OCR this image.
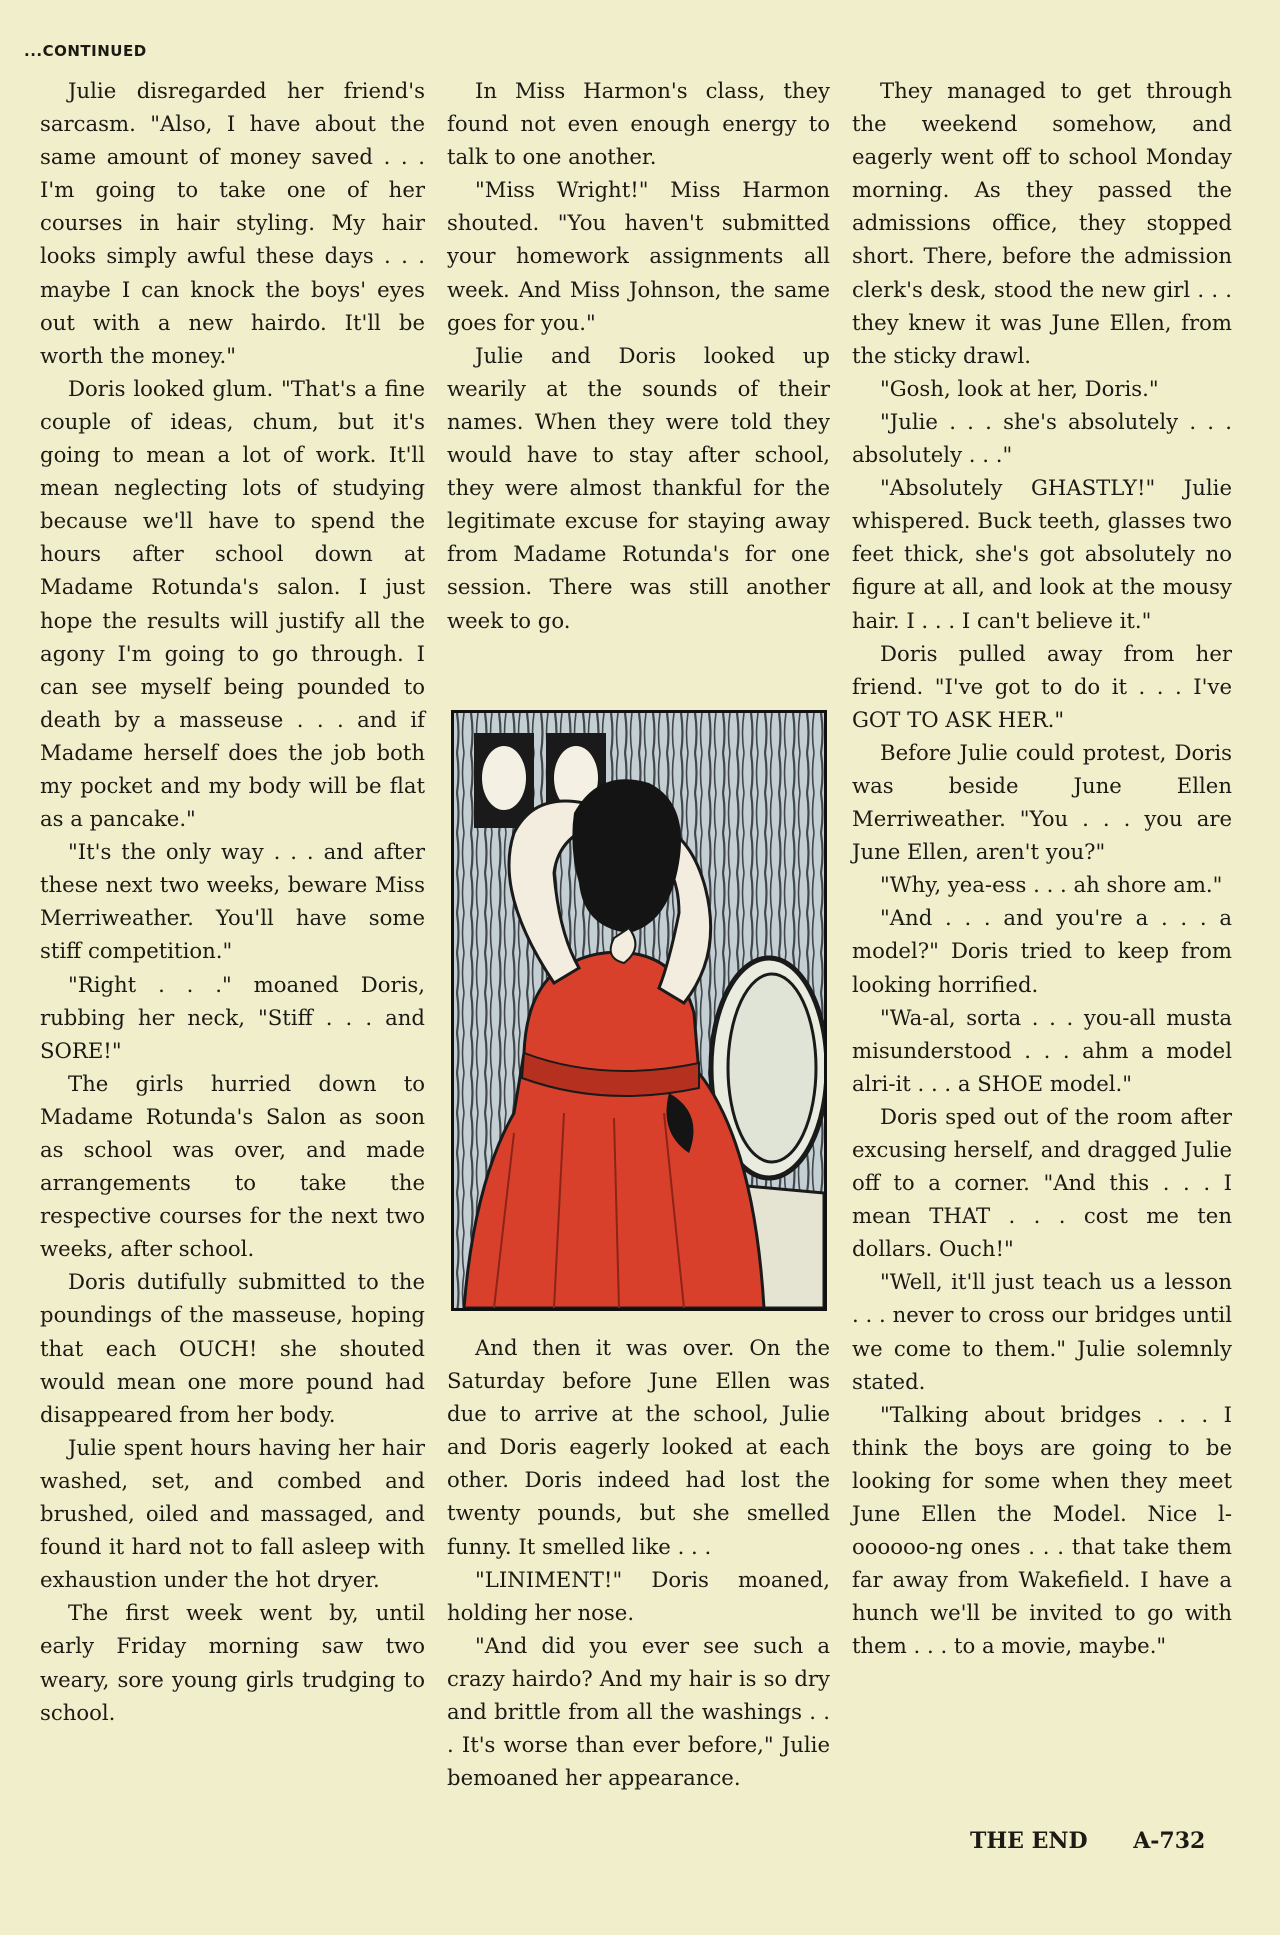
...CONTINUED

Julie disregarded her friend's sarcasm. "Also, I have about the same amount of money saved . . . I'm going to take one of her courses in hair styling. My hair looks simply awful these days . . . maybe I can knock the boys' eyes out with a new hairdo. It'll be worth the money."

Doris looked glum. "That's a fine couple of ideas, chum, but it's going to mean a lot of work. It'll mean neglecting lots of studying because we'll have to spend the hours after school down at Madame Rotunda's salon. I just hope the results will justify all the agony I'm going to go through. I can see myself being pounded to death by a masseuse . . . and if Madame herself does the job both my pocket and my body will be flat as a pancake."

"It's the only way . . . and after these next two weeks, beware Miss Merriweather. You'll have some stiff competition."

"Right . . ." moaned Doris, rubbing her neck, "Stiff . . . and SORE!"

The girls hurried down to Madame Rotunda's Salon as soon as school was over, and made arrangements to take the respective courses for the next two weeks, after school.

Doris dutifully submitted to the poundings of the masseuse, hoping that each OUCH! she shouted would mean one more pound had disappeared from her body.

Julie spent hours having her hair washed, set, and combed and brushed, oiled and massaged, and found it hard not to fall asleep with exhaustion under the hot dryer.

The first week went by, until early Friday morning saw two weary, sore young girls trudging to school.

In Miss Harmon's class, they found not even enough energy to talk to one another.

"Miss Wright!" Miss Harmon shouted. "You haven't submitted your homework assignments all week. And Miss Johnson, the same goes for you."

Julie and Doris looked up wearily at the sounds of their names. When they were told they would have to stay after school, they were almost thankful for the legitimate excuse for staying away from Madame Rotunda's for one session. There was still another week to go.

And then it was over. On the Saturday before June Ellen was due to arrive at the school, Julie and Doris eagerly looked at each other. Doris indeed had lost the twenty pounds, but she smelled funny. It smelled like . . .

"LINIMENT!" Doris moaned, holding her nose.

"And did you ever see such a crazy hairdo? And my hair is so dry and brittle from all the washings . . . It's worse than ever before," Julie bemoaned her appearance.

They managed to get through the weekend somehow, and eagerly went off to school Monday morning. As they passed the admissions office, they stopped short. There, before the admission clerk's desk, stood the new girl . . . they knew it was June Ellen, from the sticky drawl.

"Gosh, look at her, Doris."

"Julie . . . she's absolutely . . . absolutely . . ."

"Absolutely GHASTLY!" Julie whispered. Buck teeth, glasses two feet thick, she's got absolutely no figure at all, and look at the mousy hair. I . . . I can't believe it."

Doris pulled away from her friend. "I've got to do it . . . I've GOT TO ASK HER."

Before Julie could protest, Doris was beside June Ellen Merriweather. "You . . . you are June Ellen, aren't you?"

"Why, yea-ess . . . ah shore am."

"And . . . and you're a . . . a model?" Doris tried to keep from looking horrified.

"Wa-al, sorta . . . you-all musta misunderstood . . . ahm a model alri-it . . . a SHOE model."

Doris sped out of the room after excusing herself, and dragged Julie off to a corner. "And this . . . I mean THAT . . . cost me ten dollars. Ouch!"

"Well, it'll just teach us a lesson . . . never to cross our bridges until we come to them." Julie solemnly stated.

"Talking about bridges . . . I think the boys are going to be looking for some when they meet June Ellen the Model. Nice l-oooooo-ng ones . . . that take them far away from Wakefield. I have a hunch we'll be invited to go with them . . . to a movie, maybe."

THE END A-732
